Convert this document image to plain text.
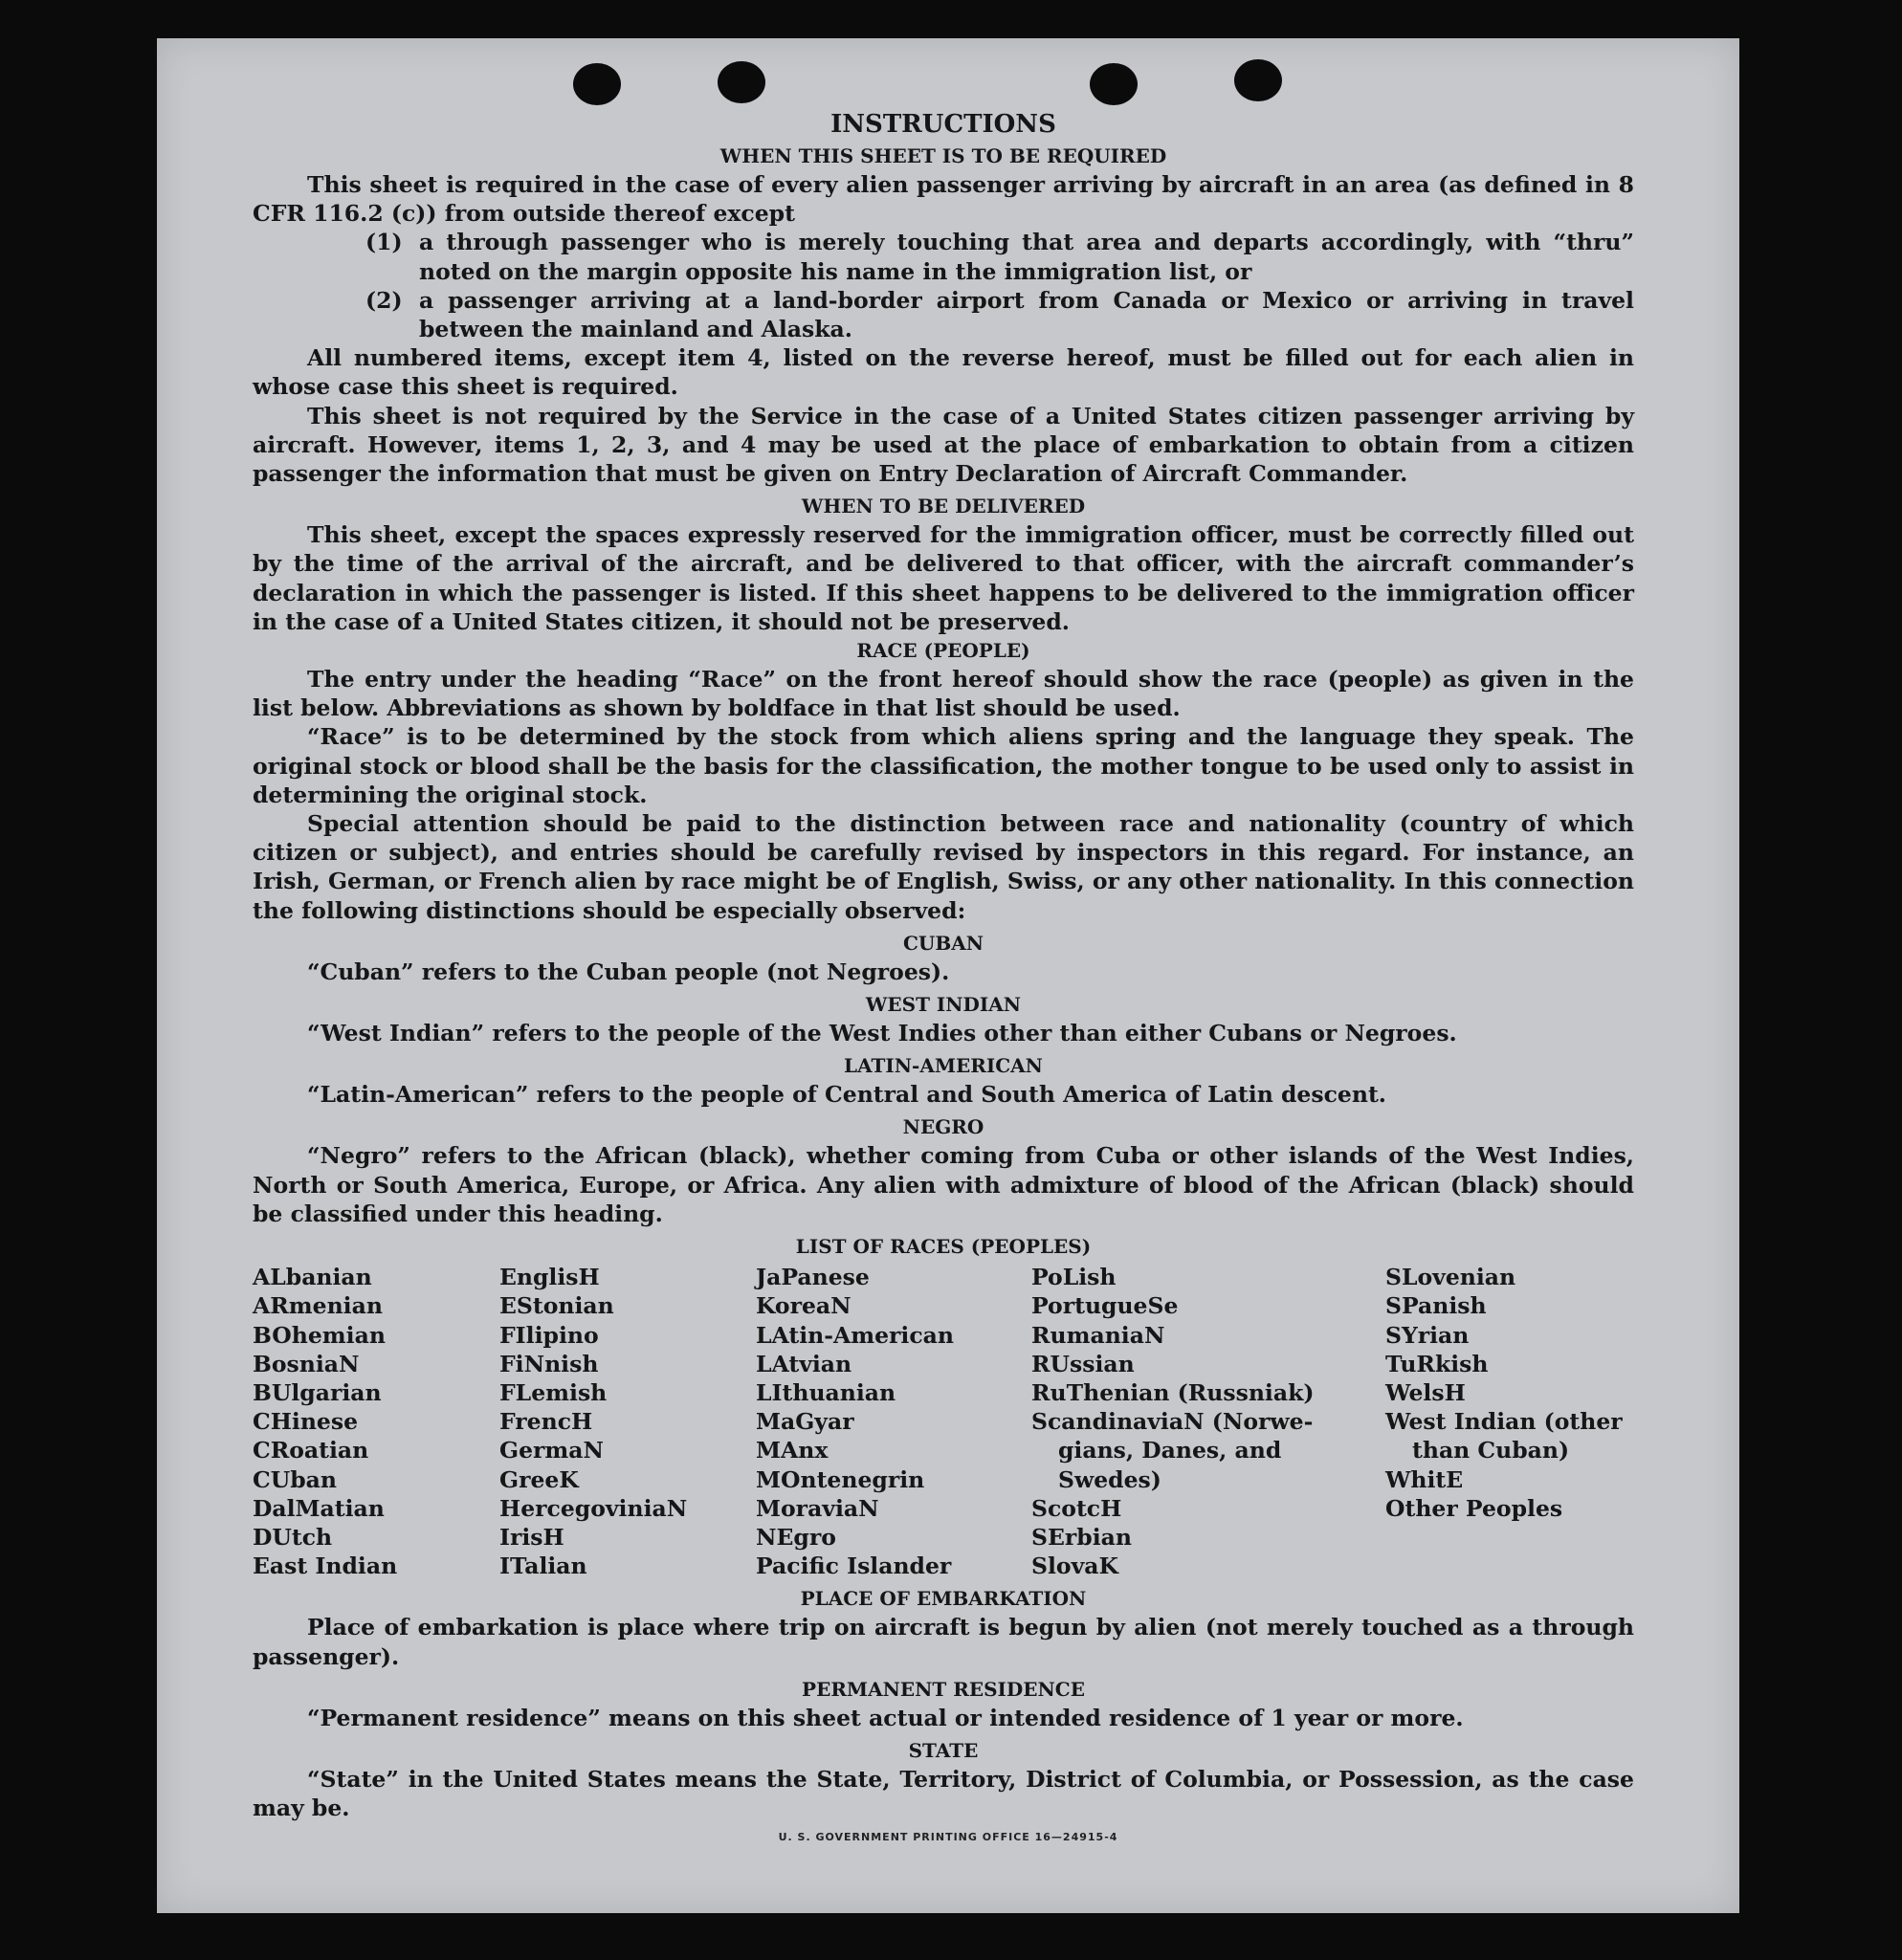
INSTRUCTIONS
WHEN THIS SHEET IS TO BE REQUIRED

This sheet is required in the case of every alien passenger arriving by aircraft in an area (as defined in 8 CFR 116.2 (c)) from outside thereof except

(1) a through passenger who is merely touching that area and departs accordingly, with “thru” noted on the margin opposite his name in the immigration list, or
(2) a passenger arriving at a land-border airport from Canada or Mexico or arriving in travel between the mainland and Alaska.

All numbered items, except item 4, listed on the reverse hereof, must be filled out for each alien in whose case this sheet is required.

This sheet is not required by the Service in the case of a United States citizen passenger arriving by aircraft. However, items 1, 2, 3, and 4 may be used at the place of embarkation to obtain from a citizen passenger the information that must be given on Entry Declaration of Aircraft Commander.

WHEN TO BE DELIVERED

This sheet, except the spaces expressly reserved for the immigration officer, must be correctly filled out by the time of the arrival of the aircraft, and be delivered to that officer, with the aircraft commander’s declaration in which the passenger is listed. If this sheet happens to be delivered to the immigration officer in the case of a United States citizen, it should not be preserved.

RACE (PEOPLE)

The entry under the heading “Race” on the front hereof should show the race (people) as given in the list below. Abbreviations as shown by boldface in that list should be used.

“Race” is to be determined by the stock from which aliens spring and the language they speak. The original stock or blood shall be the basis for the classification, the mother tongue to be used only to assist in determining the original stock.

Special attention should be paid to the distinction between race and nationality (country of which citizen or subject), and entries should be carefully revised by inspectors in this regard. For instance, an Irish, German, or French alien by race might be of English, Swiss, or any other nationality. In this connection the following distinctions should be especially observed:

CUBAN

“Cuban” refers to the Cuban people (not Negroes).

WEST INDIAN

“West Indian” refers to the people of the West Indies other than either Cubans or Negroes.

LATIN-AMERICAN

“Latin-American” refers to the people of Central and South America of Latin descent.

NEGRO

“Negro” refers to the African (black), whether coming from Cuba or other islands of the West Indies, North or South America, Europe, or Africa. Any alien with admixture of blood of the African (black) should be classified under this heading.

LIST OF RACES (PEOPLES)
ALbanian
ARmenian
BOhemian
BosniaN
BUlgarian
CHinese
CRoatian
CUban
DalMatian
DUtch
East Indian
EnglisH
EStonian
FIlipino
FiNnish
FLemish
FrencH
GermaN
GreeK
HercegoviniaN
IrisH
ITalian
JaPanese
KoreaN
LAtin-American
LAtvian
LIthuanian
MaGyar
MAnx
MOntenegrin
MoraviaN
NEgro
Pacific Islander
PoLish
PortugueSe
RumaniaN
RUssian
RuThenian (Russniak)
ScandinaviaN (Norwe-
gians, Danes, and
Swedes)
ScotcH
SErbian
SlovaK
SLovenian
SPanish
SYrian
TuRkish
WelsH
West Indian (other
than Cuban)
WhitE
Other Peoples
PLACE OF EMBARKATION

Place of embarkation is place where trip on aircraft is begun by alien (not merely touched as a through passenger).

PERMANENT RESIDENCE

“Permanent residence” means on this sheet actual or intended residence of 1 year or more.

STATE

“State” in the United States means the State, Territory, District of Columbia, or Possession, as the case may be.

U. S. GOVERNMENT PRINTING OFFICE 16—24915‑4
